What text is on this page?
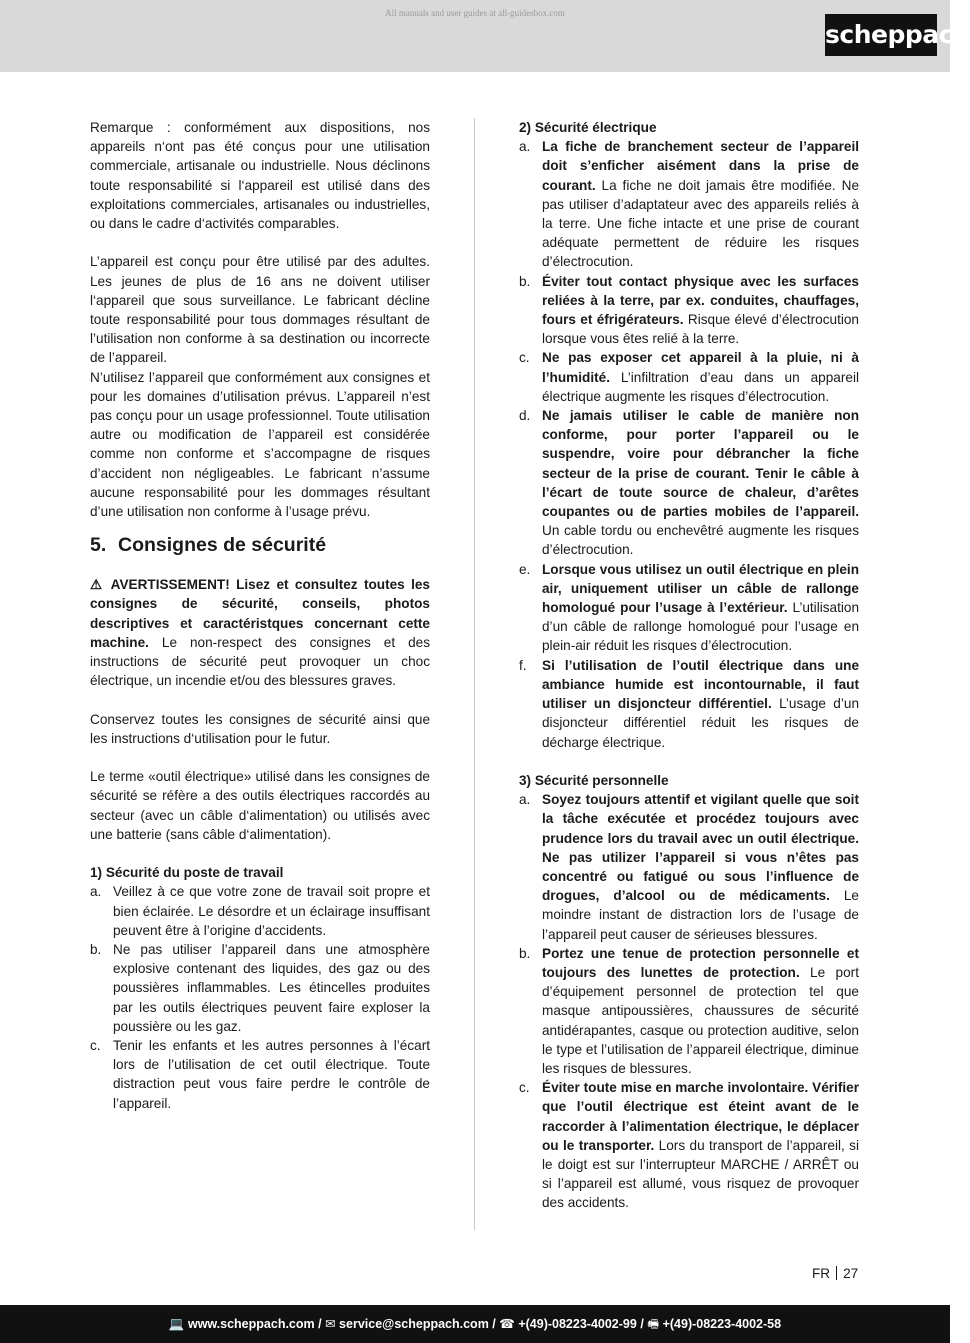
All manuals and user guides at all-guidesbox.com
scheppach

Remarque : conformément aux dispositions, nos appareils n‘ont pas été conçus pour une utilisation commerciale, artisanale ou industrielle. Nous déclinons toute responsabilité si l‘appareil est utilisé dans des exploitations commerciales, artisanales ou industrielles, ou dans le cadre d‘activités comparables.

L’appareil est conçu pour être utilisé par des adultes. Les jeunes de plus de 16 ans ne doivent utiliser l‘appareil que sous surveillance. Le fabricant décline toute responsabilité pour tous dommages résultant de l’utilisation non conforme à sa destination ou incorrecte de l’appareil.

N’utilisez l’appareil que conformément aux consignes et pour les domaines d’utilisation prévus. L’appareil n’est pas conçu pour un usage professionnel. Toute utilisation autre ou modification de l’appareil est considérée comme non conforme et s’accompagne de risques d’accident non négligeables. Le fabricant n’assume aucune responsabilité pour les dommages résultant d’une utilisation non conforme à l’usage prévu.

5. Consignes de sécurité

⚠ AVERTISSEMENT! Lisez et consultez toutes les consignes de sécurité, conseils, photos descriptives et caractéristques concernant cette machine. Le non-respect des consignes et des instructions de sécurité peut provoquer un choc électrique, un incendie et/ou des blessures graves.

Conservez toutes les consignes de sécurité ainsi que les instructions d‘utilisation pour le futur.

Le terme «outil électrique» utilisé dans les consignes de sécurité se réfère a des outils électriques raccordés au secteur (avec un câble d‘alimentation) ou utilisés avec une batterie (sans câble d‘alimentation).

1) Sécurité du poste de travail
a. Veillez à ce que votre zone de travail soit propre et bien éclairée. Le désordre et un éclairage insuffisant peuvent être à l’origine d’accidents.
b. Ne pas utiliser l’appareil dans une atmosphère explosive contenant des liquides, des gaz ou des poussières inflammables. Les étincelles produites par les outils électriques peuvent faire exploser la poussière ou les gaz.
c. Tenir les enfants et les autres personnes à l’écart lors de l’utilisation de cet outil électrique. Toute distraction peut vous faire perdre le contrôle de l’appareil.
2) Sécurité électrique
a. La fiche de branchement secteur de l’appareil doit s’enficher aisément dans la prise de courant. La fiche ne doit jamais être modifiée. Ne pas utiliser d’adaptateur avec des appareils reliés à la terre. Une fiche intacte et une prise de courant adéquate permettent de réduire les risques d’électrocution.
b. Éviter tout contact physique avec les surfaces reliées à la terre, par ex. conduites, chauffages, fours et éfrigérateurs. Risque élevé d’électrocution lorsque vous êtes relié à la terre.
c. Ne pas exposer cet appareil à la pluie, ni à l’humidité. L’infiltration d’eau dans un appareil électrique augmente les risques d’électrocution.
d. Ne jamais utiliser le cable de manière non conforme, pour porter l’appareil ou le suspendre, voire pour débrancher la fiche secteur de la prise de courant. Tenir le câble à l’écart de toute source de chaleur, d’arêtes coupantes ou de parties mobiles de l’appareil. Un cable tordu ou enchevêtré augmente les risques d’électrocution.
e. Lorsque vous utilisez un outil électrique en plein air, uniquement utiliser un câble de rallonge homologué pour l’usage à l’extérieur. L’utilisation d’un câble de rallonge homologué pour l’usage en plein-air réduit les risques d’électrocution.
f.	Si l’utilisation de l’outil électrique dans une ambiance humide est incontournable, il faut utiliser un disjoncteur différentiel. L’usage d’un disjoncteur différentiel réduit les risques de décharge électrique.
3) Sécurité personnelle
a. Soyez toujours attentif et vigilant quelle que soit la tâche exécutée et procédez toujours avec prudence lors du travail avec un outil électrique. Ne pas utilizer l’appareil si vous n’êtes pas concentré ou fatigué ou sous l’influence de drogues, d’alcool ou de médicaments. Le moindre instant de distraction lors de l’usage de l’appareil peut causer de sérieuses blessures.
b. Portez une tenue de protection personnelle et toujours des lunettes de protection. Le port d’équipement personnel de protection tel que masque antipoussières, chaussures de sécurité antidérapantes, casque ou protection auditive, selon le type et l’utilisation de l’appareil électrique, diminue les risques de blessures.
c. Éviter toute mise en marche involontaire. Vérifier que l’outil électrique est éteint avant de le raccorder à l’alimentation électrique, le déplacer ou le transporter. Lors du transport de l’appareil, si le doigt est sur l’interrupteur MARCHE / ARRÊT ou si l’appareil est allumé, vous risquez de provoquer des accidents.
FR 27
💻 www.scheppach.com / ✉ service@scheppach.com / ☎ +(49)-08223-4002-99 / 🖷 +(49)-08223-4002-58
